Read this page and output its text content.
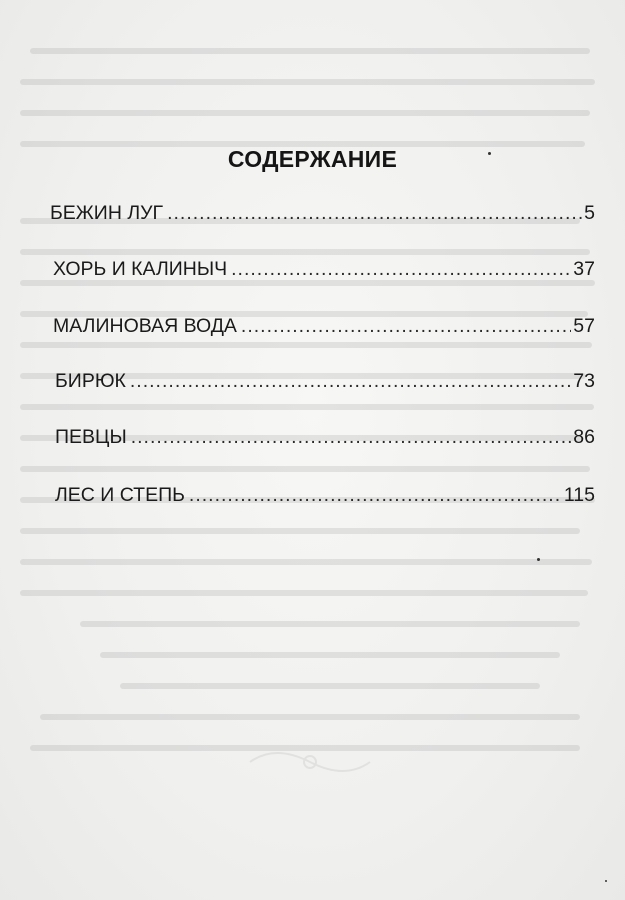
СОДЕРЖАНИЕ
БЕЖИН ЛУГ .....	5
ХОРЬ И КАЛИНЫЧ .....	37
МАЛИНОВАЯ ВОДА .....	57
БИРЮК .....	73
ПЕВЦЫ .....	86
ЛЕС И СТЕПЬ .....	115
